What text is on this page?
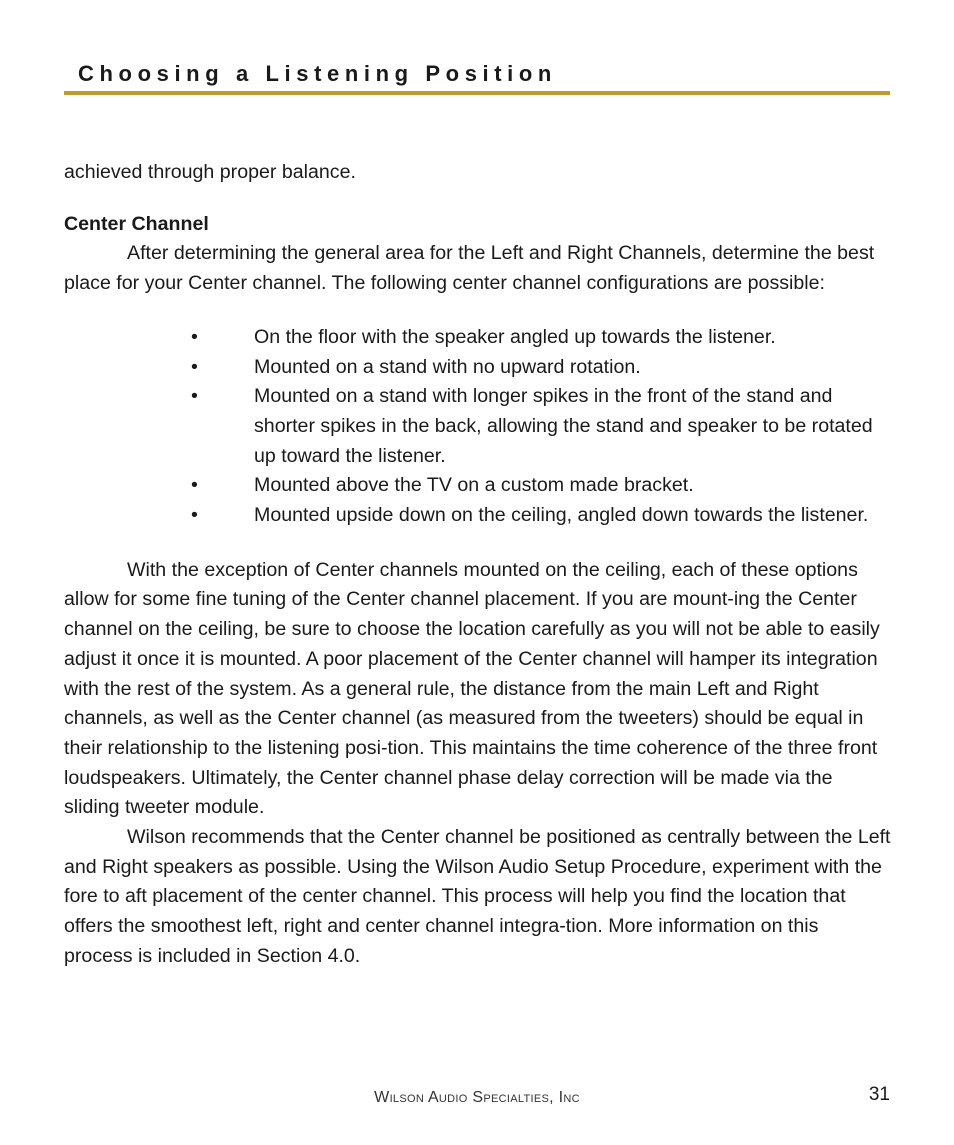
Choosing a Listening Position

achieved through proper balance.

Center Channel

After determining the general area for the Left and Right Channels, determine the best place for your Center channel. The following center channel configurations are possible:

•	On the floor with the speaker angled up towards the listener.
•	Mounted on a stand with no upward rotation.
•	Mounted on a stand with longer spikes in the front of the stand and shorter spikes in the back, allowing the stand and speaker to be rotated up toward the listener.
•	Mounted above the TV on a custom made bracket.
•	Mounted upside down on the ceiling, angled down towards the listener.

With the exception of Center channels mounted on the ceiling, each of these options allow for some fine tuning of the Center channel placement. If you are mount-ing the Center channel on the ceiling, be sure to choose the location carefully as you will not be able to easily adjust it once it is mounted. A poor placement of the Center channel will hamper its integration with the rest of the system. As a general rule, the distance from the main Left and Right channels, as well as the Center channel (as measured from the tweeters) should be equal in their relationship to the listening posi-tion. This maintains the time coherence of the three front loudspeakers. Ultimately, the Center channel phase delay correction will be made via the sliding tweeter module.

Wilson recommends that the Center channel be positioned as centrally between the Left and Right speakers as possible. Using the Wilson Audio Setup Procedure, experiment with the fore to aft placement of the center channel. This process will help you find the location that offers the smoothest left, right and center channel integra-tion. More information on this process is included in Section 4.0.

Wilson Audio Specialties, Inc	31
